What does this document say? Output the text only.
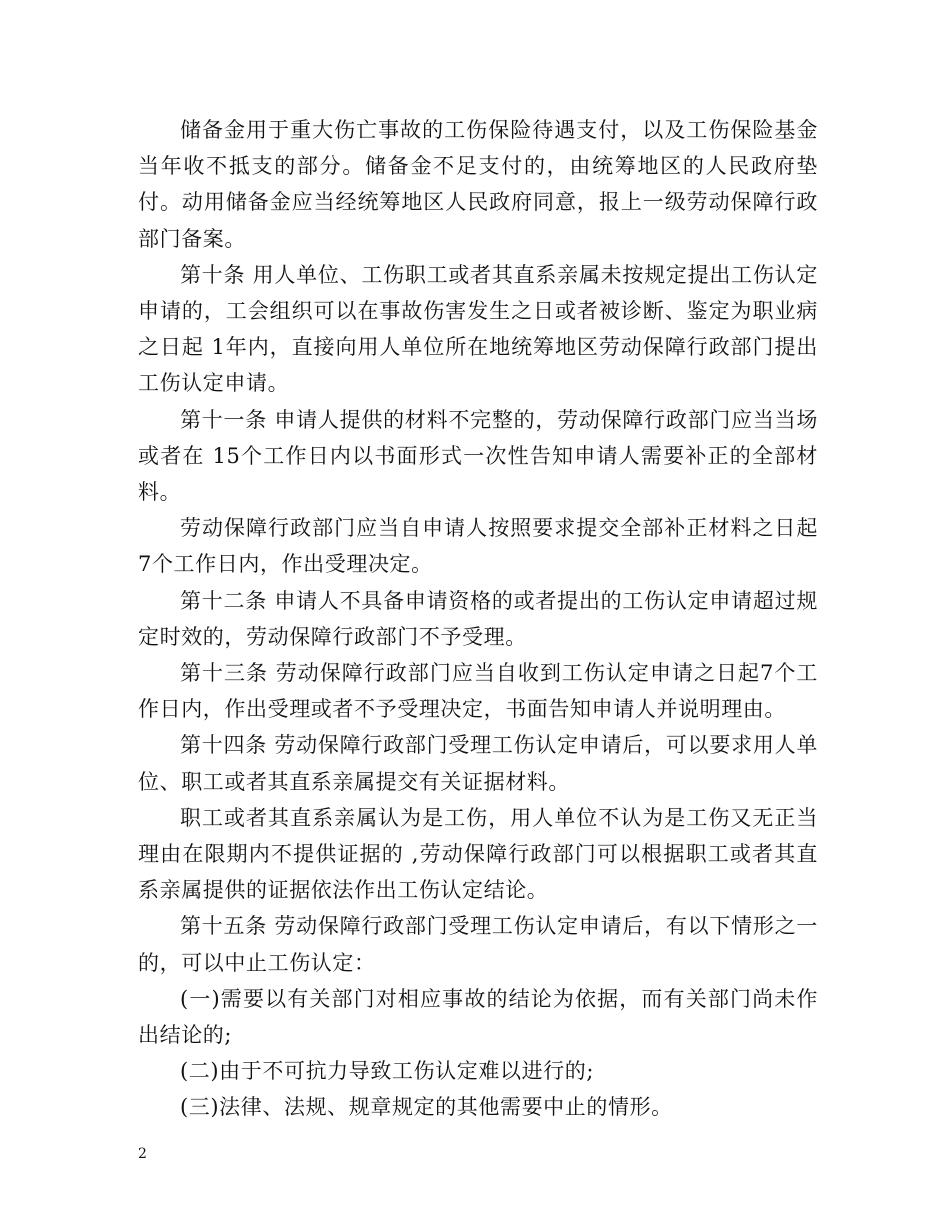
储备金用于重大伤亡事故的工伤保险待遇支付，以及工伤保险基金当年收不抵支的部分。储备金不足支付的，由统筹地区的人民政府垫付。动用储备金应当经统筹地区人民政府同意，报上一级劳动保障行政部门备案。

第十条 用人单位、工伤职工或者其直系亲属未按规定提出工伤认定申请的，工会组织可以在事故伤害发生之日或者被诊断、鉴定为职业病之日起 1年内，直接向用人单位所在地统筹地区劳动保障行政部门提出工伤认定申请。

第十一条 申请人提供的材料不完整的，劳动保障行政部门应当当场或者在 15个工作日内以书面形式一次性告知申请人需要补正的全部材料。

劳动保障行政部门应当自申请人按照要求提交全部补正材料之日起7个工作日内，作出受理决定。

第十二条 申请人不具备申请资格的或者提出的工伤认定申请超过规定时效的，劳动保障行政部门不予受理。

第十三条 劳动保障行政部门应当自收到工伤认定申请之日起7个工作日内，作出受理或者不予受理决定，书面告知申请人并说明理由。

第十四条 劳动保障行政部门受理工伤认定申请后，可以要求用人单位、职工或者其直系亲属提交有关证据材料。

职工或者其直系亲属认为是工伤，用人单位不认为是工伤又无正当理由在限期内不提供证据的 ,劳动保障行政部门可以根据职工或者其直系亲属提供的证据依法作出工伤认定结论。

第十五条 劳动保障行政部门受理工伤认定申请后，有以下情形之一的，可以中止工伤认定：

(一)需要以有关部门对相应事故的结论为依据，而有关部门尚未作出结论的;

(二)由于不可抗力导致工伤认定难以进行的;

(三)法律、法规、规章规定的其他需要中止的情形。

2
